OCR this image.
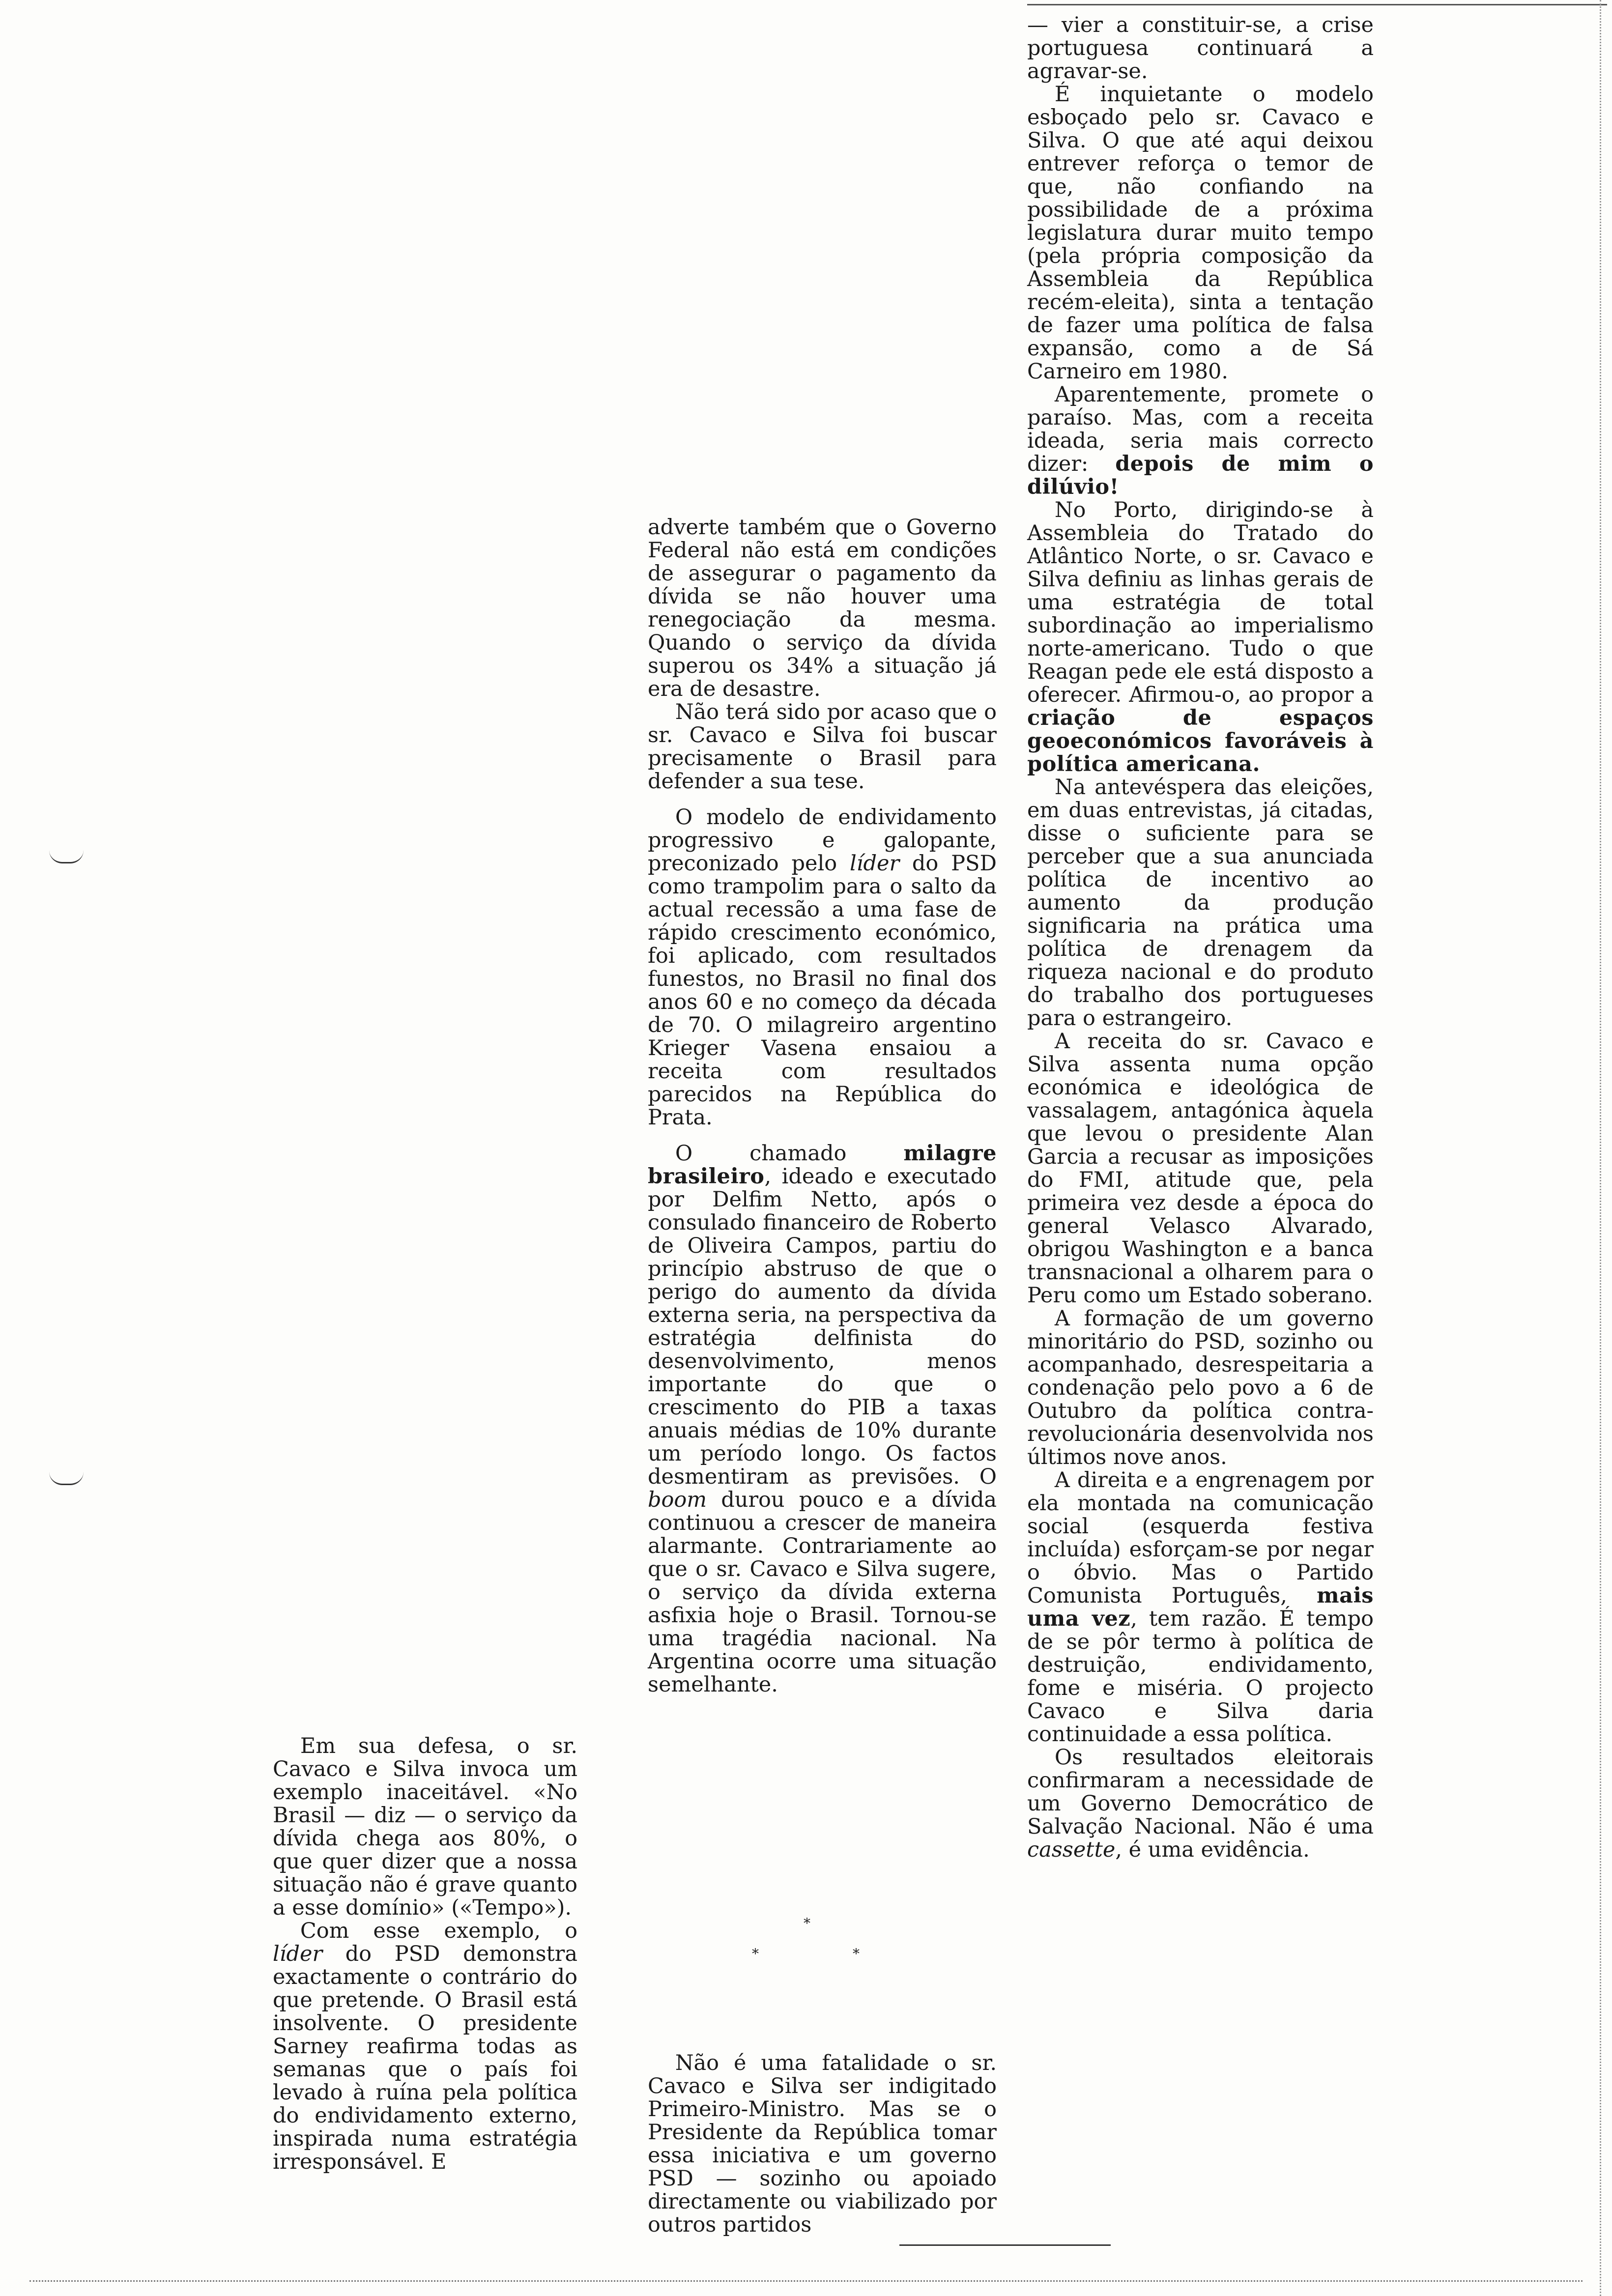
Em sua defesa, o sr. Cavaco e Silva invoca um exemplo inaceitável. «No Brasil — diz — o serviço da dívida chega aos 80%, o que quer dizer que a nossa situação não é grave quanto a esse domínio» («Tempo»).

Com esse exemplo, o líder do PSD demonstra exactamente o contrário do que pretende. O Brasil está insolvente. O presidente Sarney reafirma todas as semanas que o país foi levado à ruína pela política do endividamento externo, inspirada numa estratégia irresponsável. E

adverte também que o Governo Federal não está em condições de assegurar o pagamento da dívida se não houver uma renegociação da mesma. Quando o serviço da dívida superou os 34% a situação já era de desastre.

Não terá sido por acaso que o sr. Cavaco e Silva foi buscar precisamente o Brasil para defender a sua tese.

O modelo de endividamento progressivo e galopante, preconizado pelo líder do PSD como trampolim para o salto da actual recessão a uma fase de rápido crescimento económico, foi aplicado, com resultados funestos, no Brasil no final dos anos 60 e no começo da década de 70. O milagreiro argentino Krieger Vasena ensaiou a receita com resultados parecidos na República do Prata.

O chamado milagre brasileiro, ideado e executado por Delfim Netto, após o consulado financeiro de Roberto de Oliveira Campos, partiu do princípio abstruso de que o perigo do aumento da dívida externa seria, na perspectiva da estratégia delfinista do desenvolvimento, menos importante do que o crescimento do PIB a taxas anuais médias de 10% durante um período longo. Os factos desmentiram as previsões. O boom durou pouco e a dívida continuou a crescer de maneira alarmante. Contrariamente ao que o sr. Cavaco e Silva sugere, o serviço da dívida externa asfixia hoje o Brasil. Tornou-se uma tragédia nacional. Na Argentina ocorre uma situação semelhante.

*
*	*

Não é uma fatalidade o sr. Cavaco e Silva ser indigitado Primeiro-Ministro. Mas se o Presidente da República tomar essa iniciativa e um governo PSD — sozinho ou apoiado directamente ou viabilizado por outros partidos

— vier a constituir-se, a crise portuguesa continuará a agravar-se.

É inquietante o modelo esboçado pelo sr. Cavaco e Silva. O que até aqui deixou entrever reforça o temor de que, não confiando na possibilidade de a próxima legislatura durar muito tempo (pela própria composição da Assembleia da República recém-eleita), sinta a tentação de fazer uma política de falsa expansão, como a de Sá Carneiro em 1980.

Aparentemente, promete o paraíso. Mas, com a receita ideada, seria mais correcto dizer: depois de mim o dilúvio!

No Porto, dirigindo-se à Assembleia do Tratado do Atlântico Norte, o sr. Cavaco e Silva definiu as linhas gerais de uma estratégia de total subordinação ao imperialismo norte-americano. Tudo o que Reagan pede ele está disposto a oferecer. Afirmou-o, ao propor a criação de espaços geoeconómicos favoráveis à política americana.

Na antevéspera das eleições, em duas entrevistas, já citadas, disse o suficiente para se perceber que a sua anunciada política de incentivo ao aumento da produção significaria na prática uma política de drenagem da riqueza nacional e do produto do trabalho dos portugueses para o estrangeiro.

A receita do sr. Cavaco e Silva assenta numa opção económica e ideológica de vassalagem, antagónica àquela que levou o presidente Alan Garcia a recusar as imposições do FMI, atitude que, pela primeira vez desde a época do general Velasco Alvarado, obrigou Washington e a banca transnacional a olharem para o Peru como um Estado soberano.

A formação de um governo minoritário do PSD, sozinho ou acompanhado, desrespeitaria a condenação pelo povo a 6 de Outubro da política contra-revolucionária desenvolvida nos últimos nove anos.

A direita e a engrenagem por ela montada na comunicação social (esquerda festiva incluída) esforçam-se por negar o óbvio. Mas o Partido Comunista Português, mais uma vez, tem razão. É tempo de se pôr termo à política de destruição, endividamento, fome e miséria. O projecto Cavaco e Silva daria continuidade a essa política.

Os resultados eleitorais confirmaram a necessidade de um Governo Democrático de Salvação Nacional. Não é uma cassette, é uma evidência.
